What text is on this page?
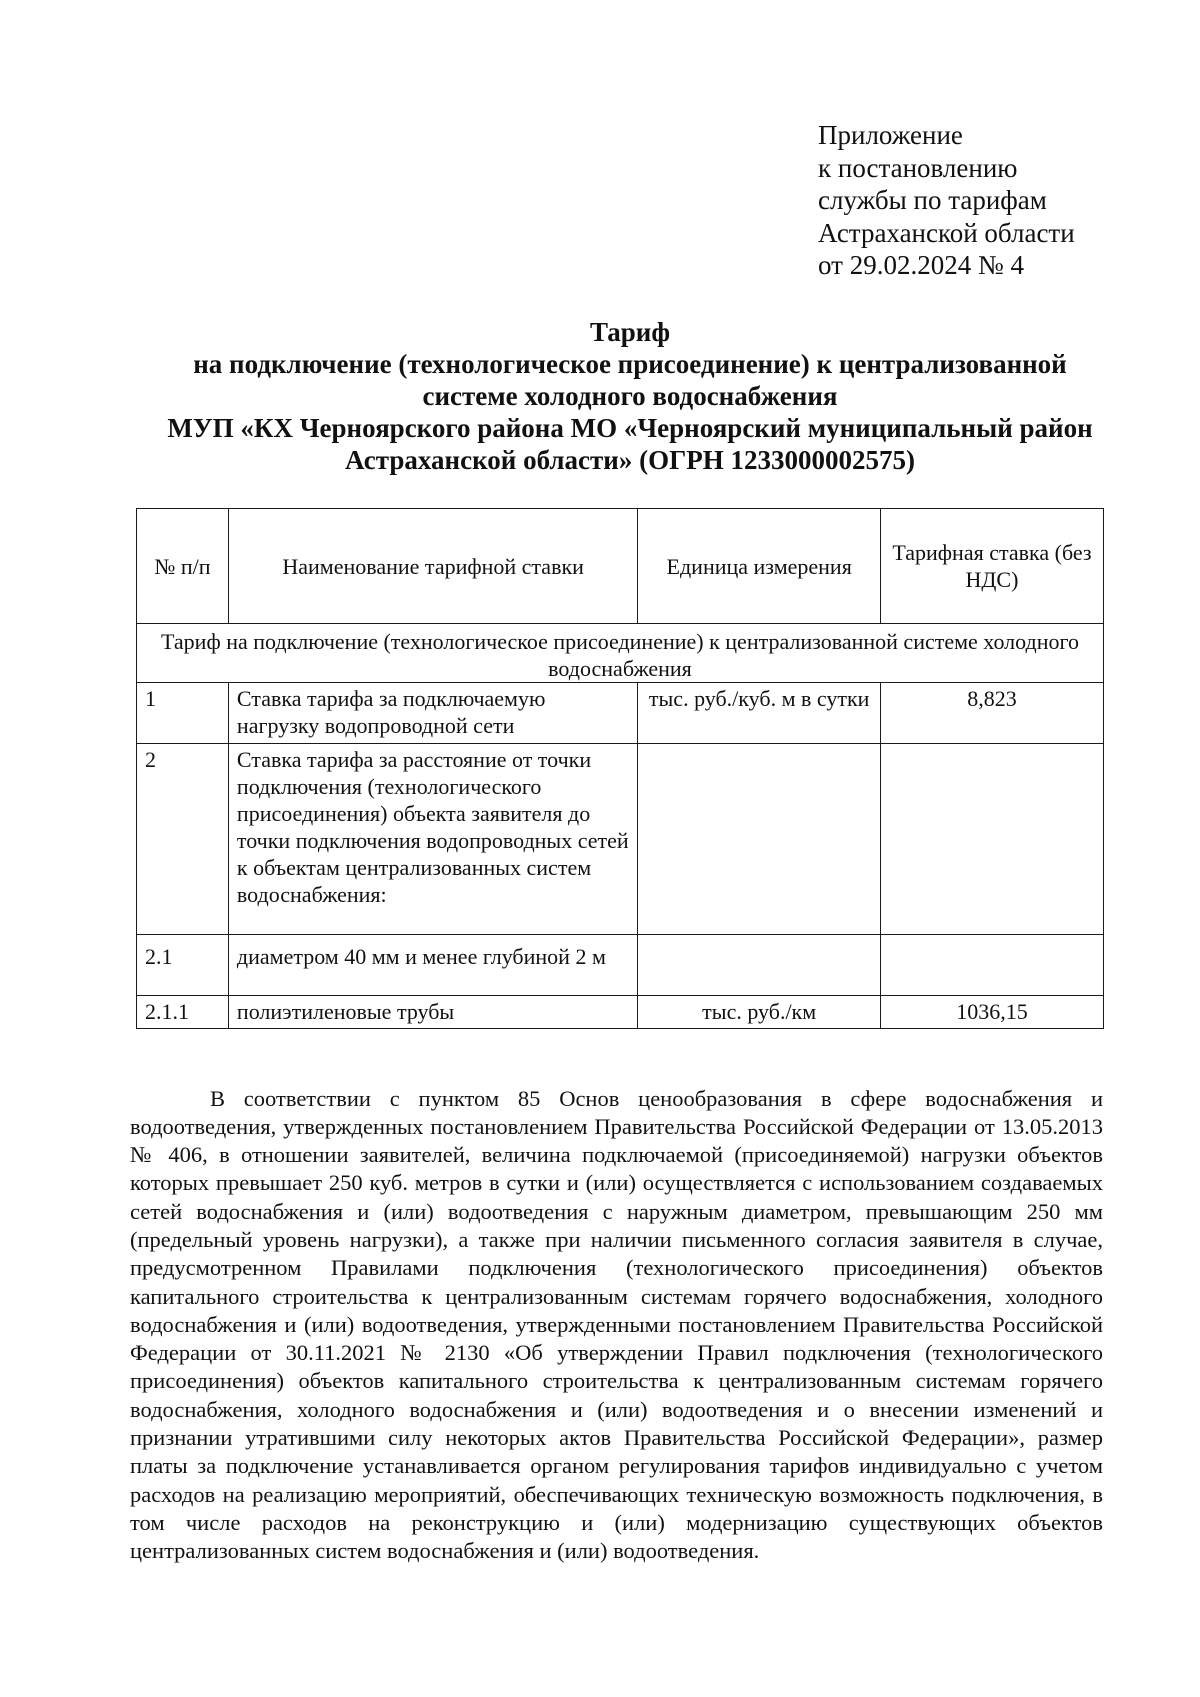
Приложение
к постановлению
службы по тарифам
Астраханской области
от 29.02.2024 № 4
Тариф
на подключение (технологическое присоединение) к централизованной
системе холодного водоснабжения
МУП «КХ Черноярского района МО «Черноярский муниципальный район
Астраханской области» (ОГРН 1233000002575)
№ п/п	Наименование тарифной ставки	Единица измерения	Тарифная ставка (без НДС)
Тариф на подключение (технологическое присоединение) к централизованной системе холодного водоснабжения			
1	Ставка тарифа за подключаемую нагрузку водопроводной сети	тыс. руб./куб. м в сутки	8,823
2	Ставка тарифа за расстояние от точки подключения (технологического присоединения) объекта заявителя до точки подключения водопроводных сетей к объектам централизованных систем водоснабжения:		
2.1	диаметром 40 мм и менее глубиной 2 м		
2.1.1	полиэтиленовые трубы	тыс. руб./км	1036,15

В соответствии с пунктом 85 Основ ценообразования в сфере водоснабжения и водоотведения, утвержденных постановлением Правительства Российской Федерации от 13.05.2013 № 406, в отношении заявителей, величина подключаемой (присоединяемой) нагрузки объектов которых превышает 250 куб. метров в сутки и (или) осуществляется с использованием создаваемых сетей водоснабжения и (или) водоотведения с наружным диаметром, превышающим 250 мм (предельный уровень нагрузки), а также при наличии письменного согласия заявителя в случае, предусмотренном Правилами подключения (технологического присоединения) объектов капитального строительства к централизованным системам горячего водоснабжения, холодного водоснабжения и (или) водоотведения, утвержденными постановлением Правительства Российской Федерации от 30.11.2021 № 2130 «Об утверждении Правил подключения (технологического присоединения) объектов капитального строительства к централизованным системам горячего водоснабжения, холодного водоснабжения и (или) водоотведения и о внесении изменений и признании утратившими силу некоторых актов Правительства Российской Федерации», размер платы за подключение устанавливается органом регулирования тарифов индивидуально с учетом расходов на реализацию мероприятий, обеспечивающих техническую возможность подключения, в том числе расходов на реконструкцию и (или) модернизацию существующих объектов централизованных систем водоснабжения и (или) водоотведения.
